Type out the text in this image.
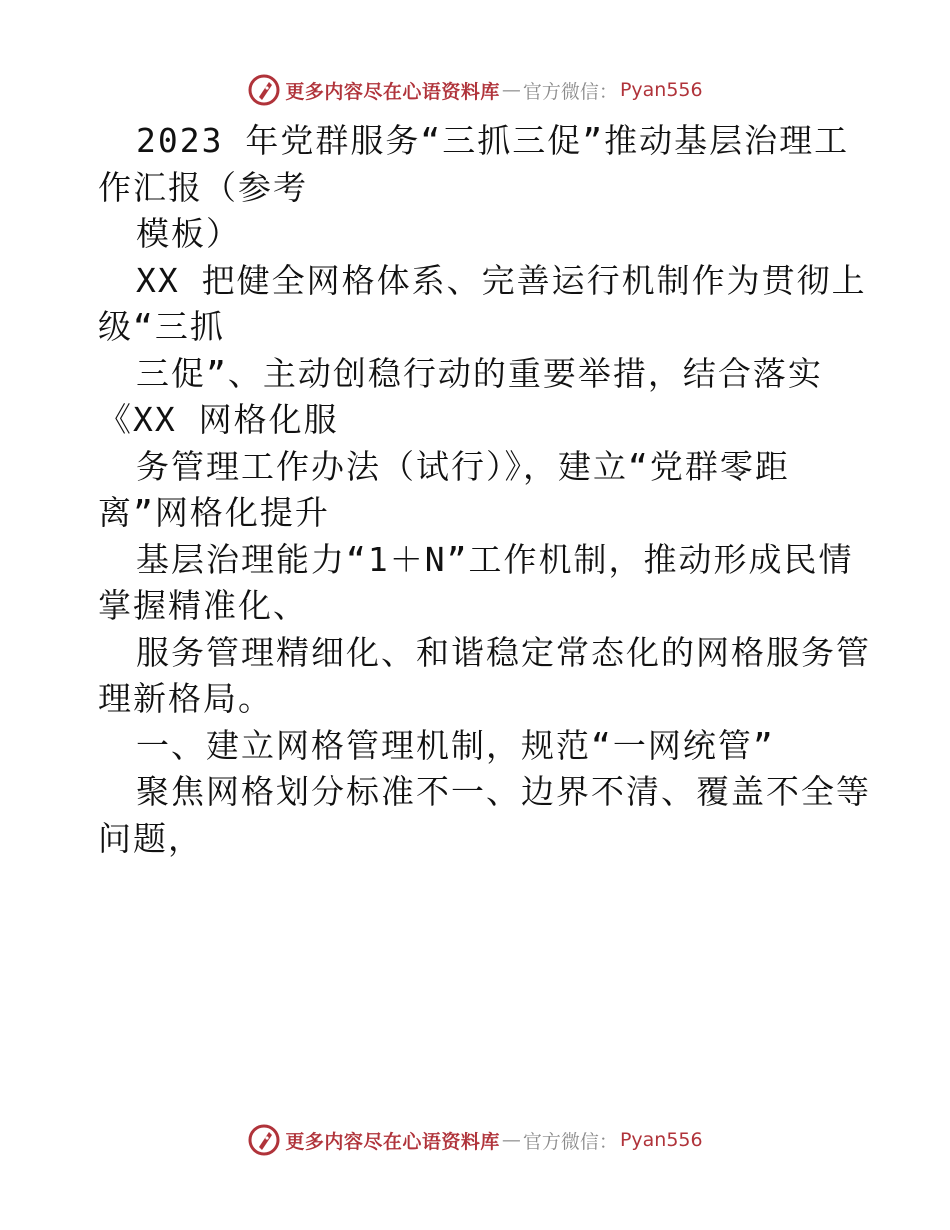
更多内容尽在心语资料库 — 官方微信： Pyan556
2023 年党群服务“三抓三促”推动基层治理工
作汇报（参考
模板）
XX 把健全网格体系、完善运行机制作为贯彻上
级“三抓
三促”、主动创稳行动的重要举措，结合落实
《XX 网格化服
务管理工作办法（试行）》，建立“党群零距
离”网格化提升
基层治理能力“1＋N”工作机制，推动形成民情
掌握精准化、
服务管理精细化、和谐稳定常态化的网格服务管
理新格局。
一、建立网格管理机制，规范“一网统管”
聚焦网格划分标准不一、边界不清、覆盖不全等
问题，
更多内容尽在心语资料库 — 官方微信： Pyan556
